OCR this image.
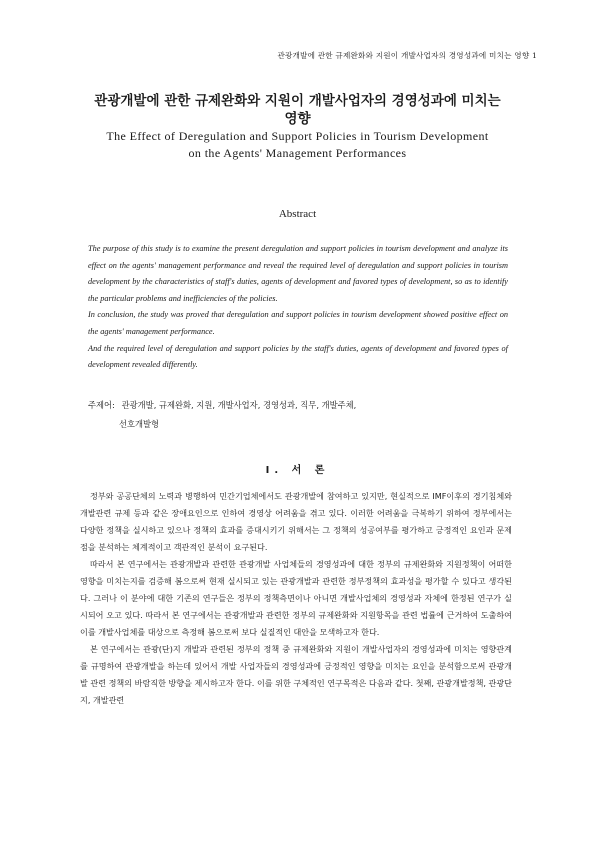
관광개발에 관한 규제완화와 지원이 개발사업자의 경영성과에 미치는 영향 1
관광개발에 관한 규제완화와 지원이 개발사업자의 경영성과에 미치는
영향
The Effect of Deregulation and Support Policies in Tourism Development
on the Agents' Management Performances
Abstract

The purpose of this study is to examine the present deregulation and support policies in tourism development and analyze its effect on the agents' management performance and reveal the required level of deregulation and support policies in tourism development by the characteristics of staff's duties, agents of development and favored types of development, so as to identify the particular problems and inefficiencies of the policies.

In conclusion, the study was proved that deregulation and support policies in tourism development showed positive effect on the agents' management performance.

And the required level of deregulation and support policies by the staff's duties, agents of development and favored types of development revealed differently.

주제어: 관광개발, 규제완화, 지원, 개발사업자, 경영성과, 직무, 개발주체,
선호개발형
I. 서 론

정부와 공공단체의 노력과 병행하여 민간기업체에서도 관광개발에 참여하고 있지만, 현실적으로 IMF이후의 경기침체와 개발관련 규제 등과 같은 장애요인으로 인하여 경영상 어려움을 겪고 있다. 이러한 어려움을 극복하기 위하여 정부에서는 다양한 정책을 실시하고 있으나 정책의 효과를 증대시키기 위해서는 그 정책의 성공여부를 평가하고 긍정적인 요인과 문제점을 분석하는 체계적이고 객관적인 분석이 요구된다.

따라서 본 연구에서는 관광개발과 관련한 관광개발 사업체들의 경영성과에 대한 정부의 규제완화와 지원정책이 어떠한 영향을 미치는지를 검증해 봄으로써 현재 실시되고 있는 관광개발과 관련한 정부정책의 효과성을 평가할 수 있다고 생각된다. 그러나 이 분야에 대한 기존의 연구들은 정부의 정책측면이나 아니면 개발사업체의 경영성과 자체에 한정된 연구가 실시되어 오고 있다. 따라서 본 연구에서는 관광개발과 관련한 정부의 규제완화와 지원항목을 관련 법률에 근거하여 도출하여 이를 개발사업체를 대상으로 측정해 봄으로써 보다 실질적인 대안을 모색하고자 한다.

본 연구에서는 관광(단)지 개발과 관련된 정부의 정책 중 규제완화와 지원이 개발사업자의 경영성과에 미치는 영향관계를 규명하여 관광개발을 하는데 있어서 개발 사업자들의 경영성과에 긍정적인 영향을 미치는 요인을 분석함으로써 관광개발 관련 정책의 바람직한 방향을 제시하고자 한다. 이를 위한 구체적인 연구목적은 다음과 같다. 첫째, 관광개발정책, 관광단지, 개발관련
